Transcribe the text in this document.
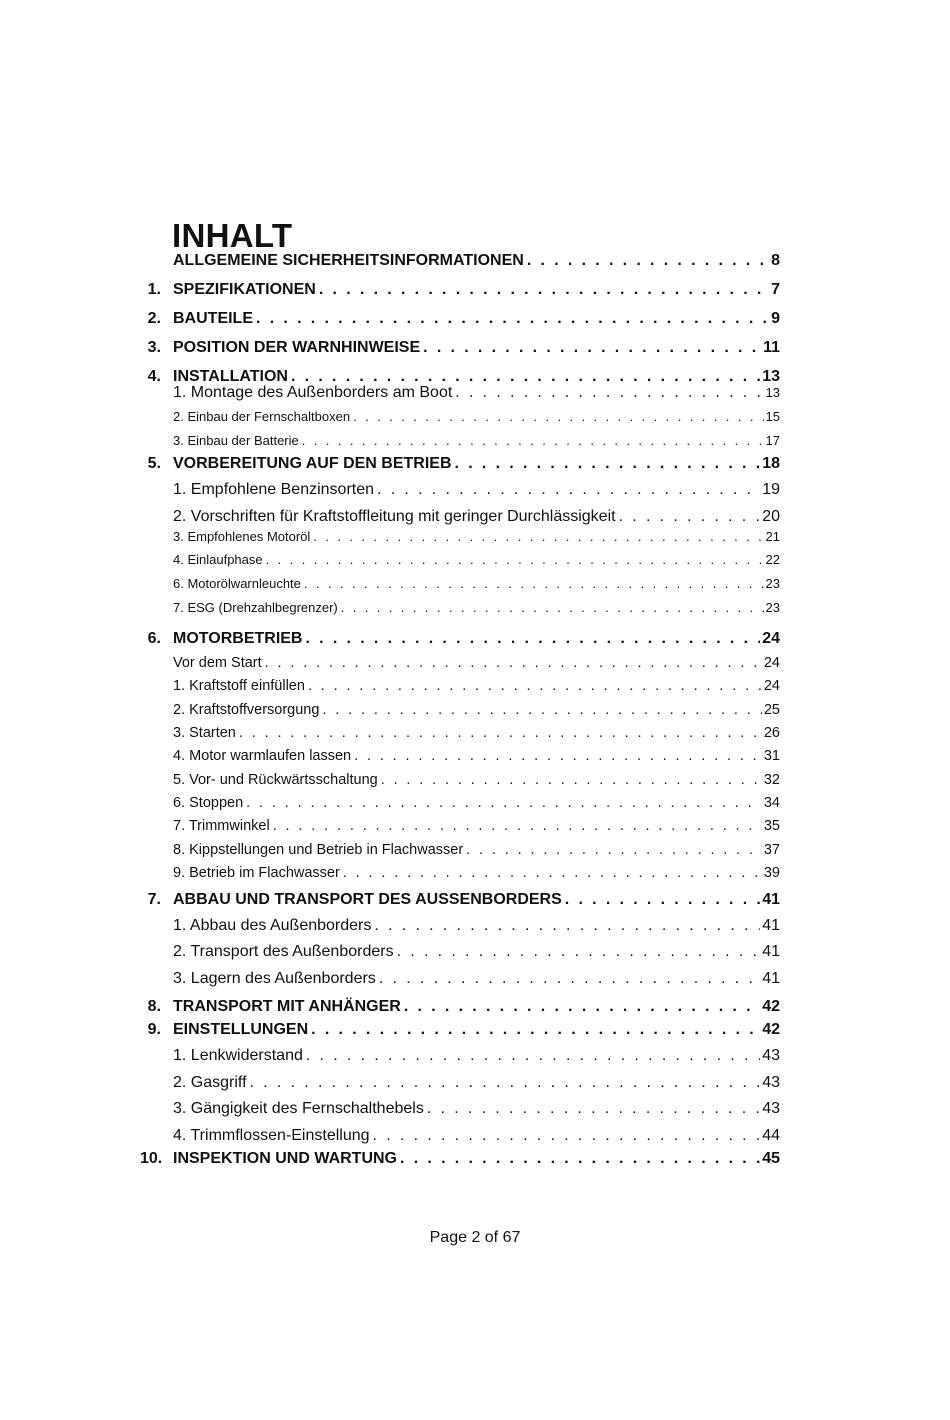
INHALT
ALLGEMEINE SICHERHEITSINFORMATIONEN . . .	8
1. SPEZIFIKATIONEN . . .	7
2. BAUTEILE . . .	9
3. POSITION DER WARNHINWEISE . . .	11
4. INSTALLATION . . .	13
1. Montage des Außenborders am Boot . . .	13
2. Einbau der Fernschaltboxen . . .	15
3. Einbau der Batterie . . .	17
5. VORBEREITUNG AUF DEN BETRIEB . . .	18
1. Empfohlene Benzinsorten . . .	19
2. Vorschriften für Kraftstoffleitung mit geringer Durchlässigkeit . . .	20
3. Empfohlenes Motoröl . . .	21
4. Einlaufphase . . .	22
6. Motorölwarnleuchte . . .	23
7. ESG (Drehzahlbegrenzer) . . .	23
6. MOTORBETRIEB . . .	24
Vor dem Start . . .	24
1. Kraftstoff einfüllen . . .	24
2. Kraftstoffversorgung . . .	25
3. Starten . . .	26
4. Motor warmlaufen lassen . . .	31
5. Vor- und Rückwärtsschaltung . . .	32
6. Stoppen . . .	34
7. Trimmwinkel . . .	35
8. Kippstellungen und Betrieb in Flachwasser . . .	37
9. Betrieb im Flachwasser . . .	39
7. ABBAU UND TRANSPORT DES AUSSENBORDERS . . .	41
1. Abbau des Außenborders . . .	41
2. Transport des Außenborders . . .	41
3. Lagern des Außenborders . . .	41
8. TRANSPORT MIT ANHÄNGER . . .	42
9. EINSTELLUNGEN . . .	42
1. Lenkwiderstand . . .	43
2. Gasgriff . . .	43
3. Gängigkeit des Fernschalthebels . . .	43
4. Trimmflossen-Einstellung . . .	44
10. INSPEKTION UND WARTUNG . . .	45
Page 2 of 67
